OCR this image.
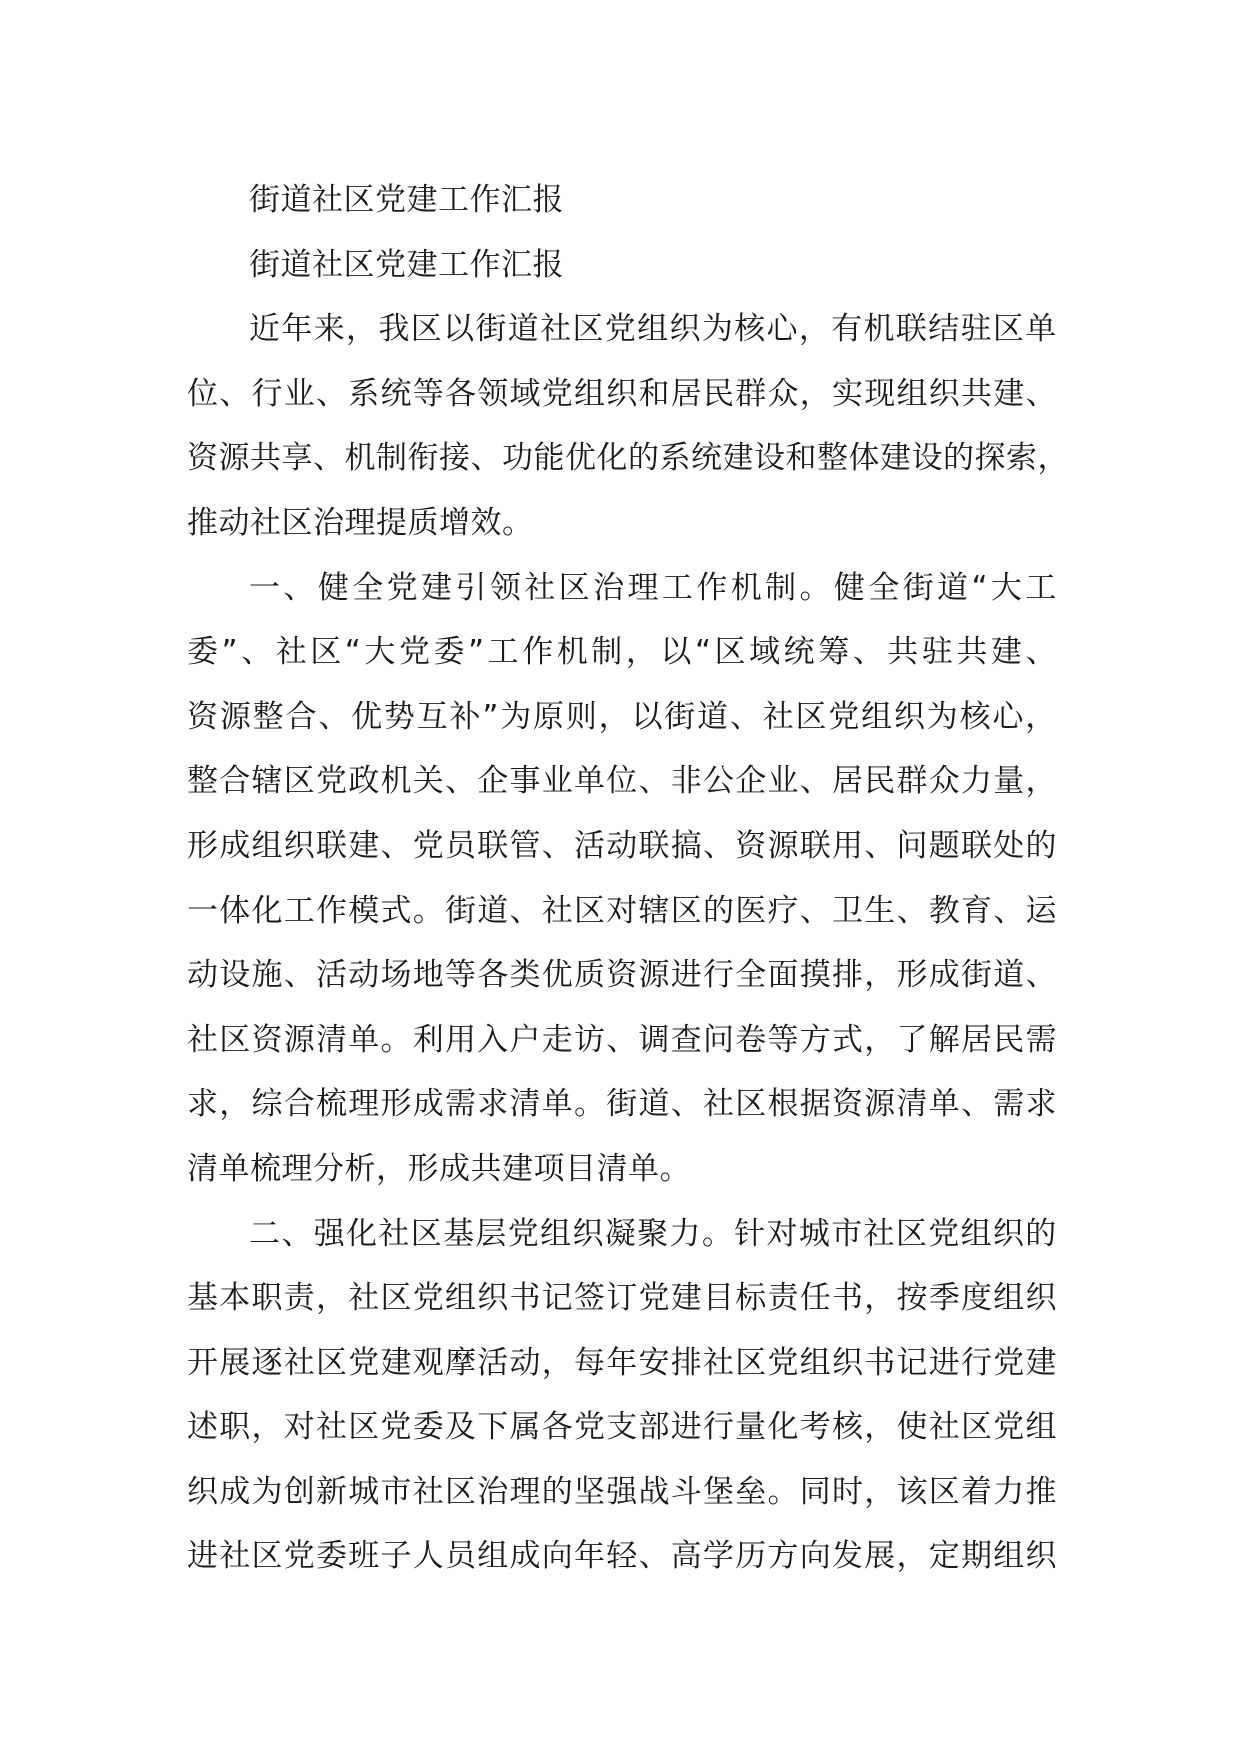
街道社区党建工作汇报
街道社区党建工作汇报
近 年 来 ， 我 区 以 街 道 社 区 党 组 织 为 核 心 ， 有 机 联 结 驻 区 单
位 、 行 业 、 系 统 等 各 领 域 党 组 织 和 居 民 群 众 ， 实 现 组 织 共 建 、
资 源 共 享 、 机 制 衔 接 、 功 能 优 化 的 系 统 建 设 和 整 体 建 设 的 探 索 ，
推动社区治理提质增效。
一 、 健 全 党 建 引 领 社 区 治 理 工 作 机 制 。 健 全 街 道 “ 大 工
委 ” 、 社 区 “ 大 党 委 ” 工 作 机 制 ， 以 “ 区 域 统 筹 、 共 驻 共 建 、
资 源 整 合 、 优 势 互 补 ” 为 原 则 ， 以 街 道 、 社 区 党 组 织 为 核 心 ，
整 合 辖 区 党 政 机 关 、 企 事 业 单 位 、 非 公 企 业 、 居 民 群 众 力 量 ，
形 成 组 织 联 建 、 党 员 联 管 、 活 动 联 搞 、 资 源 联 用 、 问 题 联 处 的
一 体 化 工 作 模 式 。 街 道 、 社 区 对 辖 区 的 医 疗 、 卫 生 、 教 育 、 运
动 设 施 、 活 动 场 地 等 各 类 优 质 资 源 进 行 全 面 摸 排 ， 形 成 街 道 、
社 区 资 源 清 单 。 利 用 入 户 走 访 、 调 查 问 卷 等 方 式 ， 了 解 居 民 需
求 ， 综 合 梳 理 形 成 需 求 清 单 。 街 道 、 社 区 根 据 资 源 清 单 、 需 求
清单梳理分析，形成共建项目清单。
二 、 强 化 社 区 基 层 党 组 织 凝 聚 力 。 针 对 城 市 社 区 党 组 织 的
基 本 职 责 ， 社 区 党 组 织 书 记 签 订 党 建 目 标 责 任 书 ， 按 季 度 组 织
开 展 逐 社 区 党 建 观 摩 活 动 ， 每 年 安 排 社 区 党 组 织 书 记 进 行 党 建
述 职 ， 对 社 区 党 委 及 下 属 各 党 支 部 进 行 量 化 考 核 ， 使 社 区 党 组
织 成 为 创 新 城 市 社 区 治 理 的 坚 强 战 斗 堡 垒 。 同 时 ， 该 区 着 力 推
进 社 区 党 委 班 子 人 员 组 成 向 年 轻 、 高 学 历 方 向 发 展 ， 定 期 组 织
